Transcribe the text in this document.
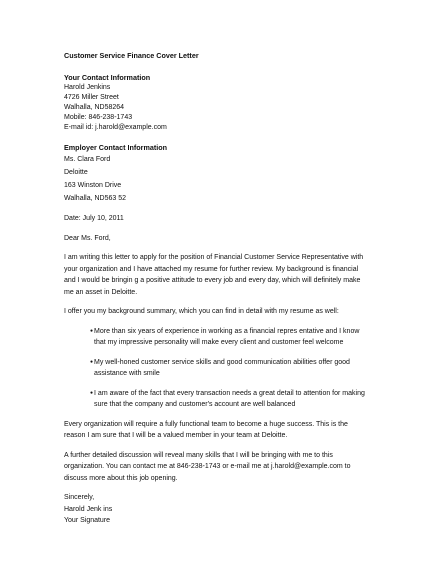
Customer Service Finance Cover Letter
Your Contact Information
Harold Jenkins
4726 Miller Street
Walhalla, ND58264
Mobile: 846-238-1743
E-mail id: j.harold@example.com
Employer Contact Information
Ms. Clara Ford
Deloitte
163 Winston Drive
Walhalla, ND563 52

Date: July 10, 2011

Dear Ms. Ford,

I am writing this letter to apply for the position of Financial Customer Service Representative with
your organization and I have attached my resume for further review. My background is financial
and I would be bringin g a positive attitude to every job and every day, which will definitely make
me an asset in Deloitte.

I offer you my background summary, which you can find in detail with my resume as well:

● More than six years of experience in working as a financial repres entative and I know
that my impressive personality will make every client and customer feel welcome
● My well-honed customer service skills and good communication abilities offer good
assistance with smile
● I am aware of the fact that every transaction needs a great detail to attention for making
sure that the company and customer's account are well balanced

Every organization will require a fully functional team to become a huge success. This is the
reason I am sure that I will be a valued member in your team at Deloitte.

A further detailed discussion will reveal many skills that I will be bringing with me to this
organization. You can contact me at 846-238-1743 or e-mail me at j.harold@example.com to
discuss more about this job opening.

Sincerely,

Harold Jenk ins

Your Signature
